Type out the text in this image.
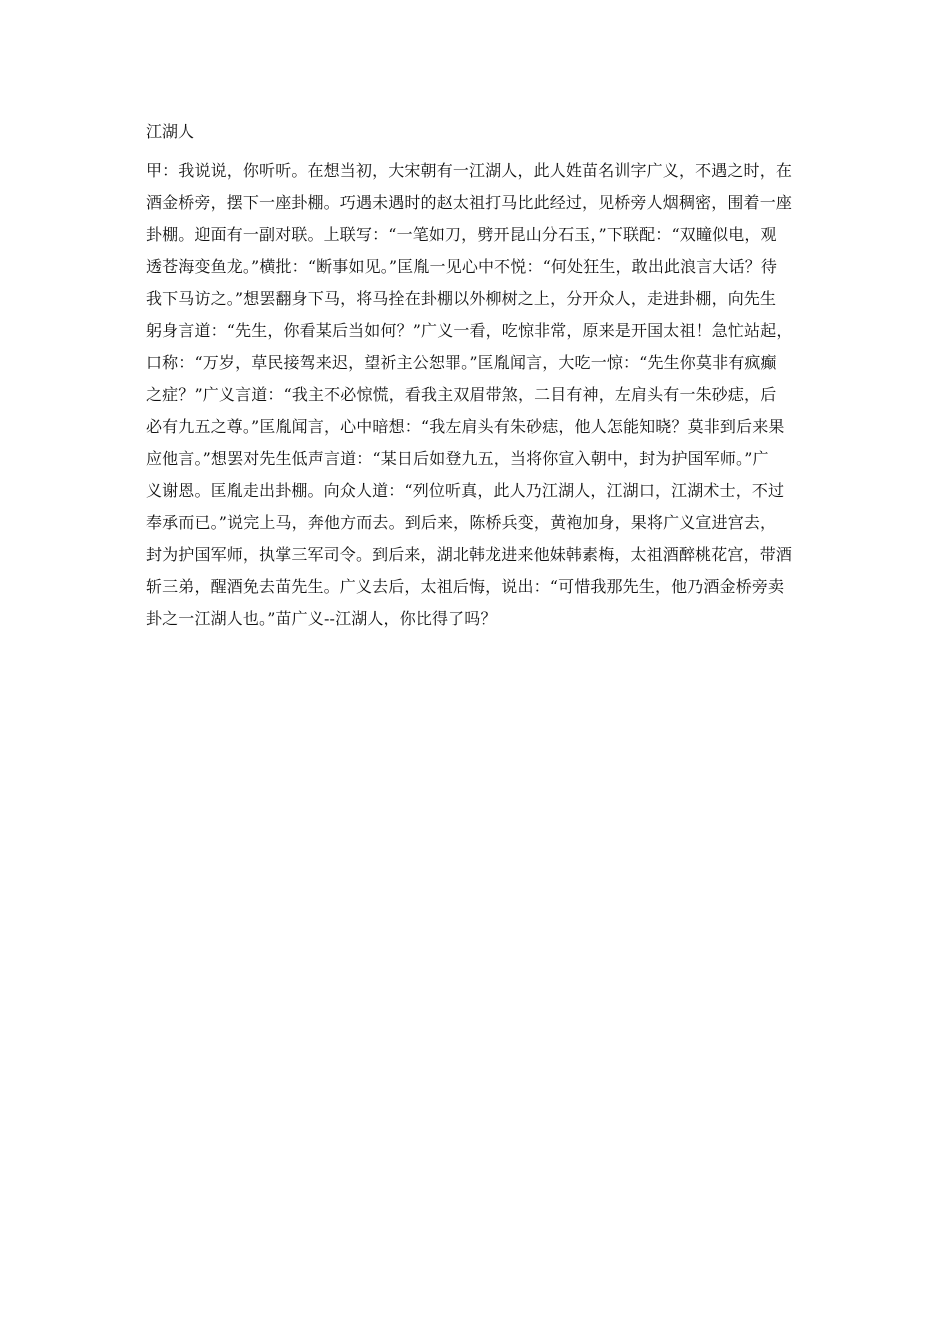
江湖人
甲：我说说，你听听。在想当初，大宋朝有一江湖人，此人姓苗名训字广义，不遇之时，在
酒金桥旁，摆下一座卦棚。巧遇未遇时的赵太祖打马比此经过，见桥旁人烟稠密，围着一座
卦棚。迎面有一副对联。上联写：“一笔如刀，劈开昆山分石玉，”下联配：“双瞳似电，观
透苍海变鱼龙。”横批：“断事如见。”匡胤一见心中不悦：“何处狂生，敢出此浪言大话？待
我下马访之。”想罢翻身下马，将马拴在卦棚以外柳树之上，分开众人，走进卦棚，向先生
躬身言道：“先生，你看某后当如何？”广义一看，吃惊非常，原来是开国太祖！急忙站起，
口称：“万岁，草民接驾来迟，望祈主公恕罪。”匡胤闻言，大吃一惊：“先生你莫非有疯癫
之症？”广义言道：“我主不必惊慌，看我主双眉带煞，二目有神，左肩头有一朱砂痣，后
必有九五之尊。”匡胤闻言，心中暗想：“我左肩头有朱砂痣，他人怎能知晓？莫非到后来果
应他言。”想罢对先生低声言道：“某日后如登九五，当将你宣入朝中，封为护国军师。”广
义谢恩。匡胤走出卦棚。向众人道：“列位听真，此人乃江湖人，江湖口，江湖术士，不过
奉承而已。”说完上马，奔他方而去。到后来，陈桥兵变，黄袍加身，果将广义宣进宫去，
封为护国军师，执掌三军司令。到后来，湖北韩龙进来他妹韩素梅，太祖酒醉桃花宫，带酒
斩三弟，醒酒免去苗先生。广义去后，太祖后悔，说出：“可惜我那先生，他乃酒金桥旁卖
卦之一江湖人也。”苗广义--江湖人，你比得了吗？
